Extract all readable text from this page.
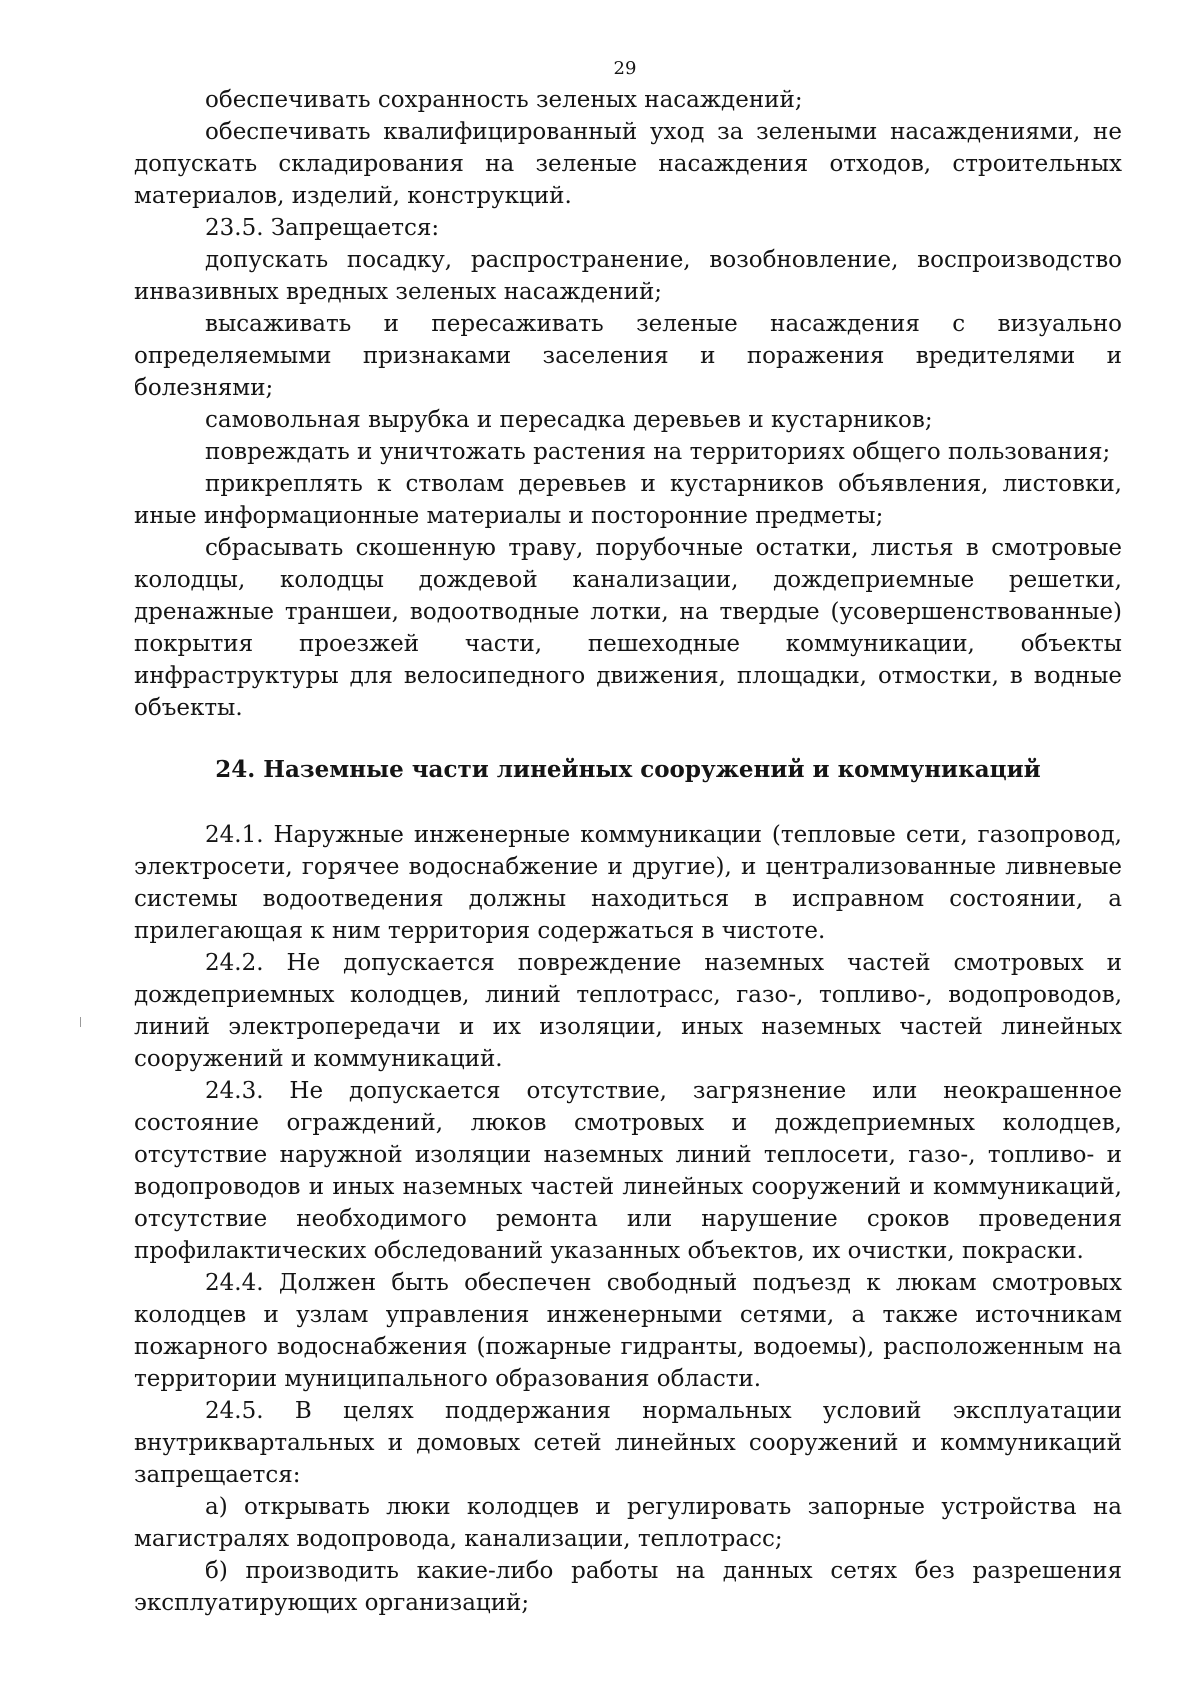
29

обеспечивать сохранность зеленых насаждений;

обеспечивать квалифицированный уход за зелеными насаждениями, не допускать складирования на зеленые насаждения отходов, строительных материалов, изделий, конструкций.

23.5. Запрещается:

допускать посадку, распространение, возобновление, воспроизводство инвазивных вредных зеленых насаждений;

высаживать и пересаживать зеленые насаждения с визуально определяемыми признаками заселения и поражения вредителями и болезнями;

самовольная вырубка и пересадка деревьев и кустарников;

повреждать и уничтожать растения на территориях общего пользования;

прикреплять к стволам деревьев и кустарников объявления, листовки, иные информационные материалы и посторонние предметы;

сбрасывать скошенную траву, порубочные остатки, листья в смотровые колодцы, колодцы дождевой канализации, дождеприемные решетки, дренажные траншеи, водоотводные лотки, на твердые (усовершенствованные) покрытия проезжей части, пешеходные коммуникации, объекты инфраструктуры для велосипедного движения, площадки, отмостки, в водные объекты.

24. Наземные части линейных сооружений и коммуникаций

24.1. Наружные инженерные коммуникации (тепловые сети, газопровод, электросети, горячее водоснабжение и другие), и централизованные ливневые системы водоотведения должны находиться в исправном состоянии, а прилегающая к ним территория содержаться в чистоте.

24.2. Не допускается повреждение наземных частей смотровых и дождеприемных колодцев, линий теплотрасс, газо-, топливо-, водопроводов, линий электропередачи и их изоляции, иных наземных частей линейных сооружений и коммуникаций.

24.3. Не допускается отсутствие, загрязнение или неокрашенное состояние ограждений, люков смотровых и дождеприемных колодцев, отсутствие наружной изоляции наземных линий теплосети, газо-, топливо- и водопроводов и иных наземных частей линейных сооружений и коммуникаций, отсутствие необходимого ремонта или нарушение сроков проведения профилактических обследований указанных объектов, их очистки, покраски.

24.4. Должен быть обеспечен свободный подъезд к люкам смотровых колодцев и узлам управления инженерными сетями, а также источникам пожарного водоснабжения (пожарные гидранты, водоемы), расположенным на территории муниципального образования области.

24.5. В целях поддержания нормальных условий эксплуатации внутриквартальных и домовых сетей линейных сооружений и коммуникаций запрещается:

а) открывать люки колодцев и регулировать запорные устройства на магистралях водопровода, канализации, теплотрасс;

б) производить какие-либо работы на данных сетях без разрешения эксплуатирующих организаций;
